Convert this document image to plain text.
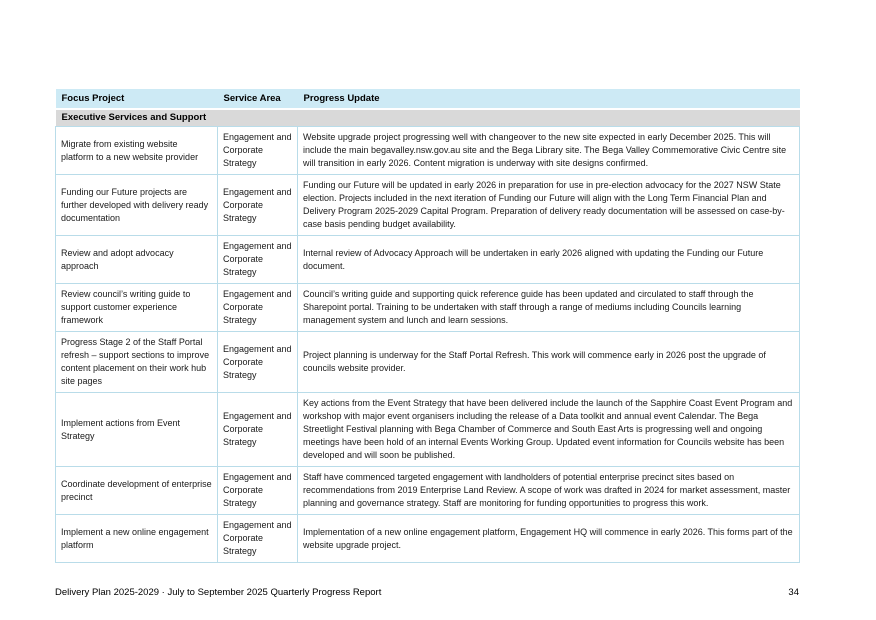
Focus Project	Service Area	Progress Update
Executive Services and Support		
Migrate from existing website platform to a new website provider	Engagement and Corporate Strategy	Website upgrade project progressing well with changeover to the new site expected in early December 2025. This will include the main begavalley.nsw.gov.au site and the Bega Library site. The Bega Valley Commemorative Civic Centre site will transition in early 2026. Content migration is underway with site designs confirmed.
Funding our Future projects are further developed with delivery ready documentation	Engagement and Corporate Strategy	Funding our Future will be updated in early 2026 in preparation for use in pre-election advocacy for the 2027 NSW State election. Projects included in the next iteration of Funding our Future will align with the Long Term Financial Plan and Delivery Program 2025-2029 Capital Program. Preparation of delivery ready documentation will be assessed on case-by-case basis pending budget availability.
Review and adopt advocacy approach	Engagement and Corporate Strategy	Internal review of Advocacy Approach will be undertaken in early 2026 aligned with updating the Funding our Future document.
Review council’s writing guide to support customer experience framework	Engagement and Corporate Strategy	Council’s writing guide and supporting quick reference guide has been updated and circulated to staff through the Sharepoint portal. Training to be undertaken with staff through a range of mediums including Councils learning management system and lunch and learn sessions.
Progress Stage 2 of the Staff Portal refresh – support sections to improve content placement on their work hub site pages	Engagement and Corporate Strategy	Project planning is underway for the Staff Portal Refresh. This work will commence early in 2026 post the upgrade of councils website provider.
Implement actions from Event Strategy	Engagement and Corporate Strategy	Key actions from the Event Strategy that have been delivered include the launch of the Sapphire Coast Event Program and workshop with major event organisers including the release of a Data toolkit and annual event Calendar. The Bega Streetlight Festival planning with Bega Chamber of Commerce and South East Arts is progressing well and ongoing meetings have been hold of an internal Events Working Group. Updated event information for Councils website has been developed and will soon be published.
Coordinate development of enterprise precinct	Engagement and Corporate Strategy	Staff have commenced targeted engagement with landholders of potential enterprise precinct sites based on recommendations from 2019 Enterprise Land Review. A scope of work was drafted in 2024 for market assessment, master planning and governance strategy. Staff are monitoring for funding opportunities to progress this work.
Implement a new online engagement platform	Engagement and Corporate Strategy	Implementation of a new online engagement platform, Engagement HQ will commence in early 2026. This forms part of the website upgrade project.
Delivery Plan 2025-2029 · July to September 2025 Quarterly Progress Report	34
